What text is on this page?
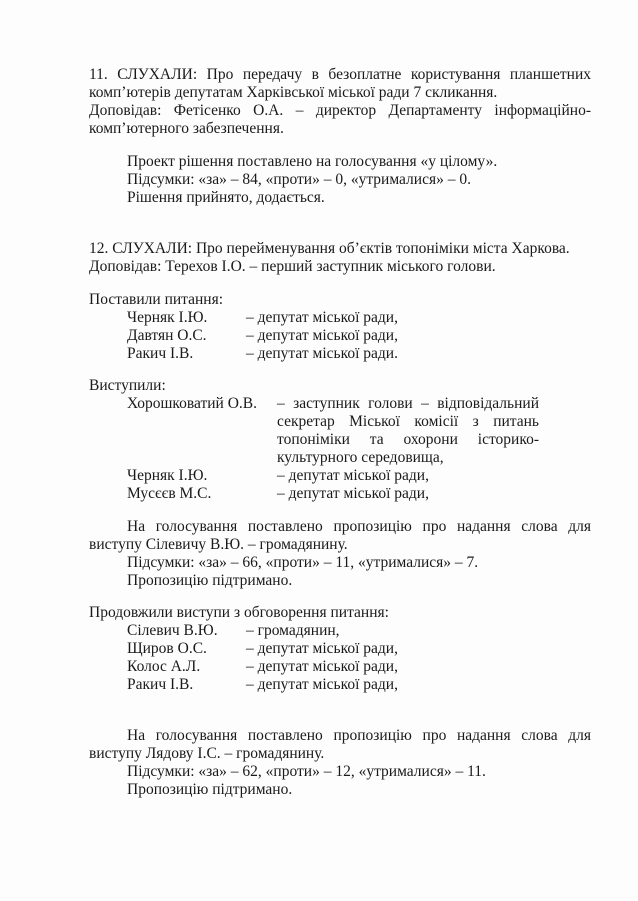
11. СЛУХАЛИ: Про передачу в безоплатне користування планшетних
комп’ютерів депутатам Харківської міської ради 7 скликання.
Доповідав: Фетісенко О.А. – директор Департаменту інформаційно-
комп’ютерного забезпечення.
Проект рішення поставлено на голосування «у цілому».
Підсумки: «за» – 84, «проти» – 0, «утрималися» – 0.
Рішення прийнято, додається.
12. СЛУХАЛИ: Про перейменування об’єктів топоніміки міста Харкова.
Доповідав: Терехов І.О. – перший заступник міського голови.
Поставили питання:
Черняк І.Ю. – депутат міської ради,
Давтян О.С.	– депутат міської ради,
Ракич І.В.	– депутат міської ради.
Виступили:
Хорошковатий О.В. – заступник голови – відповідальний
секретар Міської комісії з питань
топоніміки та охорони історико-
культурного середовища,
Черняк І.Ю.	– депутат міської ради,
Мусєєв М.С.	– депутат міської ради,
На голосування поставлено пропозицію про надання слова для
виступу Сілевичу В.Ю. – громадянину.
Підсумки: «за» – 66, «проти» – 11, «утрималися» – 7.
Пропозицію підтримано.
Продовжили виступи з обговорення питання:
Сілевич В.Ю. – громадянин,
Щиров О.С.	– депутат міської ради,
Колос А.Л.	– депутат міської ради,
Ракич І.В.	– депутат міської ради,
На голосування поставлено пропозицію про надання слова для
виступу Лядову І.С. – громадянину.
Підсумки: «за» – 62, «проти» – 12, «утрималися» – 11.
Пропозицію підтримано.
